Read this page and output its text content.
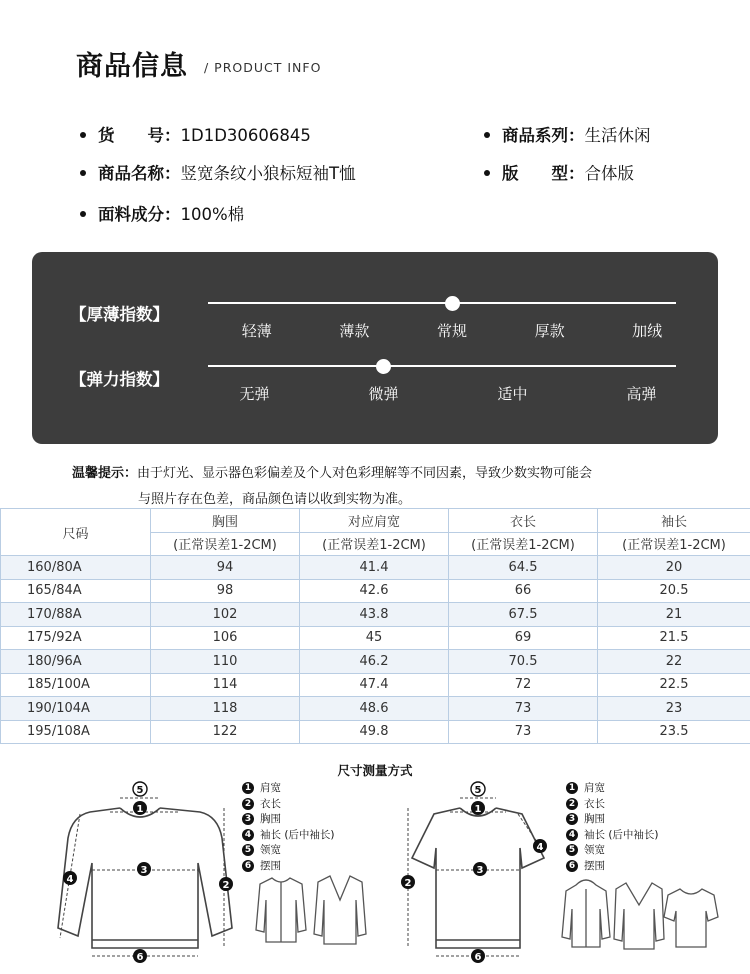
商品信息 / PRODUCT INFO
货　　号：1D1D30606845	商品系列：生活休闲
商品名称：竖宽条纹小狼标短袖T恤	版　　型：合体版
面料成分：100%棉
【厚薄指数】
轻薄	薄款	常规	厚款	加绒
【弹力指数】
无弹	微弹	适中	高弹
温馨提示：由于灯光、显示器色彩偏差及个人对色彩理解等不同因素，导致少数实物可能会
与照片存在色差，商品颜色请以收到实物为准。
尺码	胸围	对应肩宽	衣长	袖长
	(正常误差1-2CM)	(正常误差1-2CM)	(正常误差1-2CM)	(正常误差1-2CM)
160/80A	94	41.4	64.5	20
165/84A	98	42.6	66	20.5
170/88A	102	43.8	67.5	21
175/92A	106	45	69	21.5
180/96A	110	46.2	70.5	22
185/100A	114	47.4	72	22.5
190/104A	118	48.6	73	23
195/108A	122	49.8	73	23.5
尺寸测量方式
5
1
3
2
4
6
1 肩宽
2 衣长
3 胸围
4 袖长 (后中袖长)
5 领宽
6 摆围
5
1
3
2
4
6
1 肩宽
2 衣长
3 胸围
4 袖长 (后中袖长)
5 领宽
6 摆围
